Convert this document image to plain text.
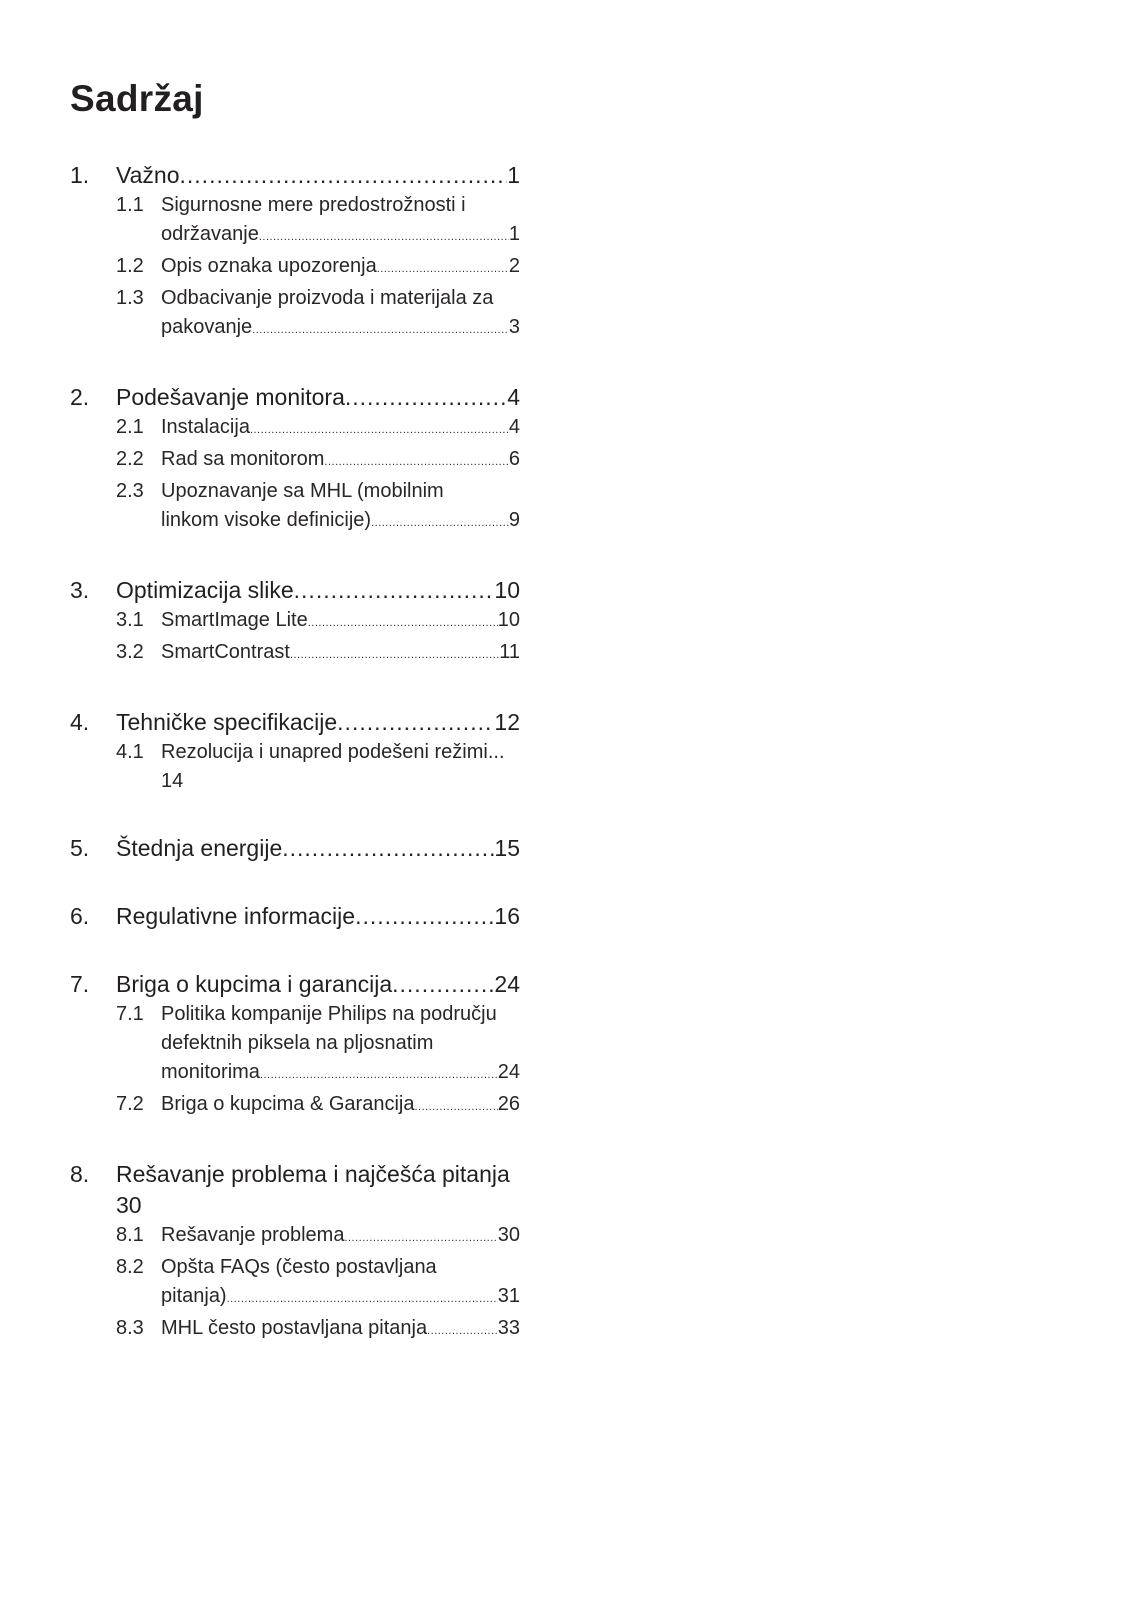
Sadržaj
1.	Važno .....	1
1.1 Sigurnosne mere predostrožnosti i
održavanje .....	1
1.2 Opis oznaka upozorenja .....	2
1.3 Odbacivanje proizvoda i materijala za
pakovanje .....	3
2.	Podešavanje monitora .....	4
2.1 Instalacija .....	4
2.2 Rad sa monitorom .....	6
2.3 Upoznavanje sa MHL (mobilnim
linkom visoke definicije) .....	9
3.	Optimizacija slike .....	10
3.1 SmartImage Lite .....	10
3.2 SmartContrast .....	11
4.	Tehničke specifikacije .....	12
4.1 Rezolucija i unapred podešeni režimi...
14
5.	Štednja energije .....	15
6.	Regulativne informacije .....	16
7.	Briga o kupcima i garancija .....	24
7.1 Politika kompanije Philips na području
defektnih piksela na pljosnatim
monitorima .....	24
7.2 Briga o kupcima & Garancija .....	26
8.	Rešavanje problema i najčešća pitanja
30
8.1 Rešavanje problema .....	30
8.2 Opšta FAQs (često postavljana
pitanja) .....	31
8.3 MHL često postavljana pitanja .....	33
